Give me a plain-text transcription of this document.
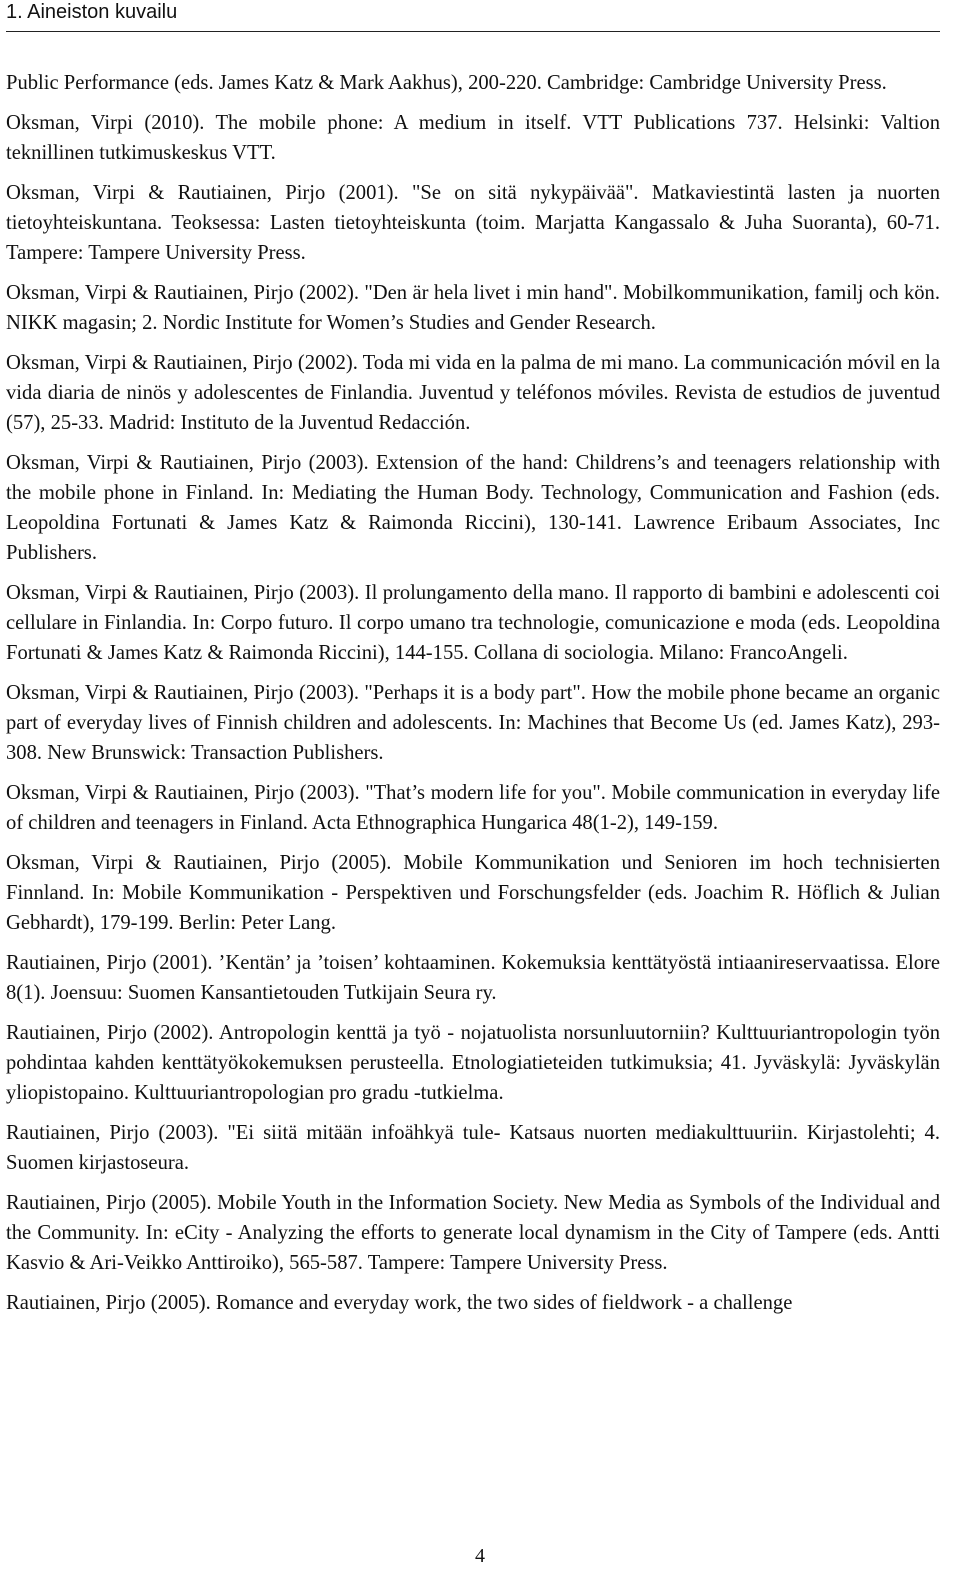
1. Aineiston kuvailu

Public Performance (eds. James Katz & Mark Aakhus), 200-220. Cambridge: Cambridge University Press.

Oksman, Virpi (2010). The mobile phone: A medium in itself. VTT Publications 737. Helsinki: Valtion teknillinen tutkimuskeskus VTT.

Oksman, Virpi & Rautiainen, Pirjo (2001). "Se on sitä nykypäivää". Matkaviestintä lasten ja nuorten tietoyhteiskuntana. Teoksessa: Lasten tietoyhteiskunta (toim. Marjatta Kangassalo & Juha Suoranta), 60-71. Tampere: Tampere University Press.

Oksman, Virpi & Rautiainen, Pirjo (2002). "Den är hela livet i min hand". Mobilkommunikation, familj och kön. NIKK magasin; 2. Nordic Institute for Women’s Studies and Gender Research.

Oksman, Virpi & Rautiainen, Pirjo (2002). Toda mi vida en la palma de mi mano. La communicación móvil en la vida diaria de ninös y adolescentes de Finlandia. Juventud y teléfonos móviles. Revista de estudios de juventud (57), 25-33. Madrid: Instituto de la Juventud Redacción.

Oksman, Virpi & Rautiainen, Pirjo (2003). Extension of the hand: Childrens’s and teenagers relationship with the mobile phone in Finland. In: Mediating the Human Body. Technology, Communication and Fashion (eds. Leopoldina Fortunati & James Katz & Raimonda Riccini), 130-141. Lawrence Eribaum Associates, Inc Publishers.

Oksman, Virpi & Rautiainen, Pirjo (2003). Il prolungamento della mano. Il rapporto di bambini e adolescenti coi cellulare in Finlandia. In: Corpo futuro. Il corpo umano tra technologie, comunicazione e moda (eds. Leopoldina Fortunati & James Katz & Raimonda Riccini), 144-155. Collana di sociologia. Milano: FrancoAngeli.

Oksman, Virpi & Rautiainen, Pirjo (2003). "Perhaps it is a body part". How the mobile phone became an organic part of everyday lives of Finnish children and adolescents. In: Machines that Become Us (ed. James Katz), 293-308. New Brunswick: Transaction Publishers.

Oksman, Virpi & Rautiainen, Pirjo (2003). "That’s modern life for you". Mobile communication in everyday life of children and teenagers in Finland. Acta Ethnographica Hungarica 48(1-2), 149-159.

Oksman, Virpi & Rautiainen, Pirjo (2005). Mobile Kommunikation und Senioren im hoch technisierten Finnland. In: Mobile Kommunikation - Perspektiven und Forschungsfelder (eds. Joachim R. Höflich & Julian Gebhardt), 179-199. Berlin: Peter Lang.

Rautiainen, Pirjo (2001). ’Kentän’ ja ’toisen’ kohtaaminen. Kokemuksia kenttätyöstä intiaanireservaatissa. Elore 8(1). Joensuu: Suomen Kansantietouden Tutkijain Seura ry.

Rautiainen, Pirjo (2002). Antropologin kenttä ja työ - nojatuolista norsunluutorniin? Kulttuuriantropologin työn pohdintaa kahden kenttätyökokemuksen perusteella. Etnologiatieteiden tutkimuksia; 41. Jyväskylä: Jyväskylän yliopistopaino. Kulttuuriantropologian pro gradu -tutkielma.

Rautiainen, Pirjo (2003). "Ei siitä mitään infoähkyä tule- Katsaus nuorten mediakulttuuriin. Kirjastolehti; 4. Suomen kirjastoseura.

Rautiainen, Pirjo (2005). Mobile Youth in the Information Society. New Media as Symbols of the Individual and the Community. In: eCity - Analyzing the efforts to generate local dynamism in the City of Tampere (eds. Antti Kasvio & Ari-Veikko Anttiroiko), 565-587. Tampere: Tampere University Press.

Rautiainen, Pirjo (2005). Romance and everyday work, the two sides of fieldwork - a challenge

4
